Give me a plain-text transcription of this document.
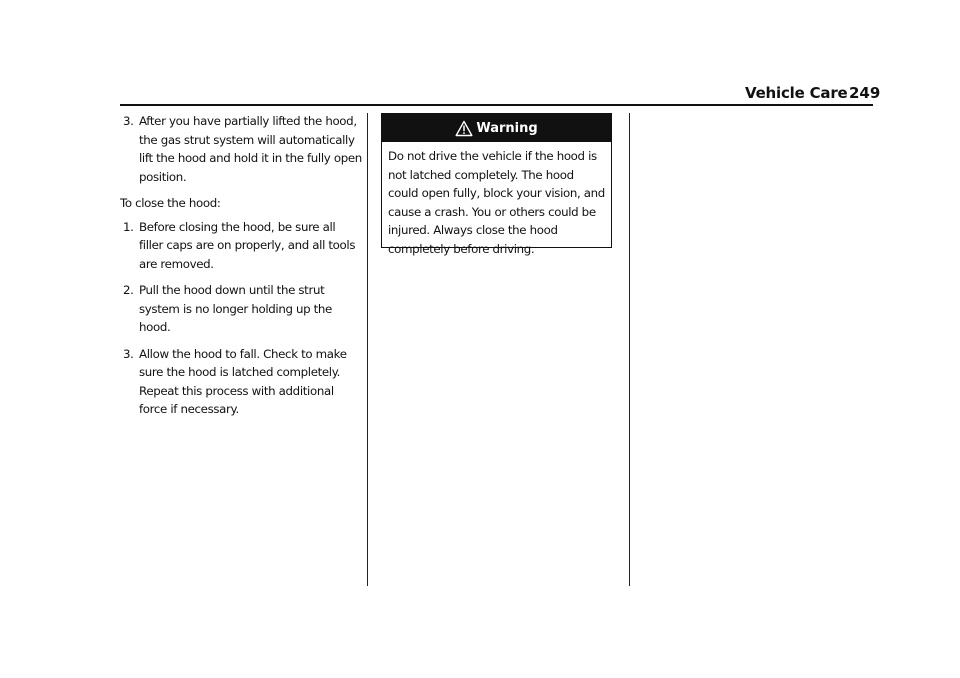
Vehicle Care 249
3. After you have partially lifted the hood, the gas strut system will automatically lift the hood and hold it in the fully open position.
To close the hood:
1. Before closing the hood, be sure all filler caps are on properly, and all tools are removed.
2. Pull the hood down until the strut system is no longer holding up the hood.
3. Allow the hood to fall. Check to make sure the hood is latched completely. Repeat this process with additional force if necessary.
Warning
Do not drive the vehicle if the hood is not latched completely. The hood could open fully, block your vision, and cause a crash. You or others could be injured. Always close the hood completely before driving.
